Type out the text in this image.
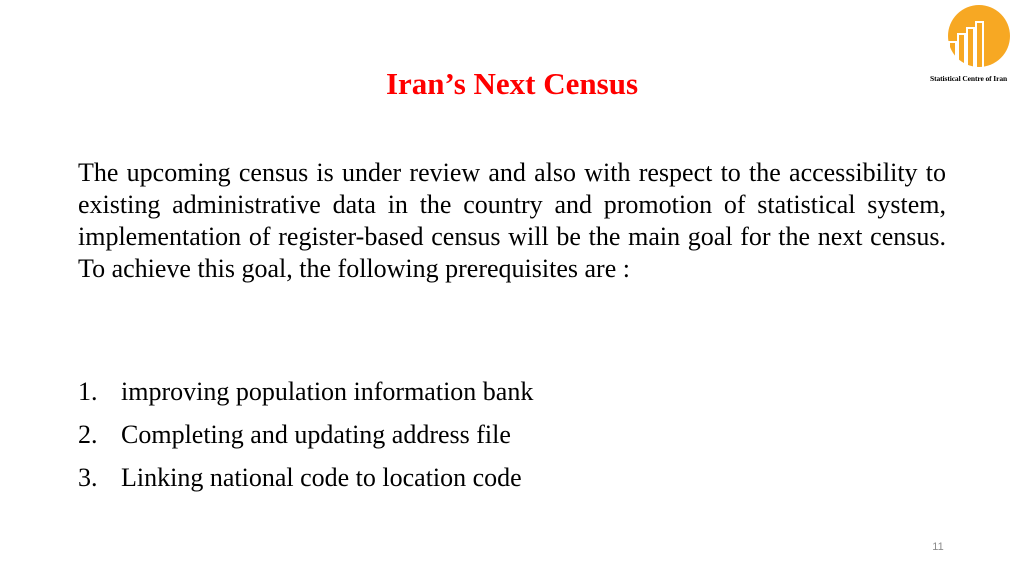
Statistical Centre of Iran
Iran’s Next Census

The upcoming census is under review and also with respect to the accessibility to existing administrative data in the country and promotion of statistical system, implementation of register-based census will be the main goal for the next census. To achieve this goal, the following prerequisites are :

1. improving population information bank
2. Completing and updating address file
3. Linking national code to location code
11
